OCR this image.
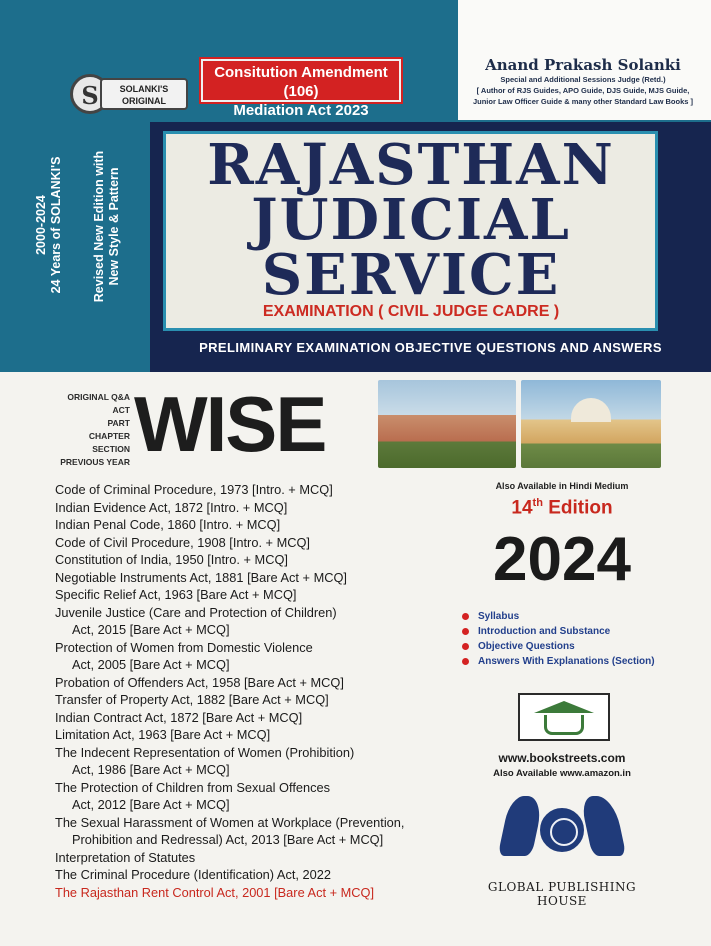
S	SOLANKI'S
ORIGINAL
Consitution Amendment (106)
Mediation Act 2023
Anand Prakash Solanki
Special and Additional Sessions Judge (Retd.)
[ Author of RJS Guides, APO Guide, DJS Guide, MJS Guide,
Junior Law Officer Guide & many other Standard Law Books ]
2000-2024 24 Years of SOLANKI'S Revised New Edition with New Style & Pattern
RAJASTHAN
JUDICIAL
SERVICE
EXAMINATION ( CIVIL JUDGE CADRE )
PRELIMINARY EXAMINATION OBJECTIVE QUESTIONS AND ANSWERS
ORIGINAL Q&A
ACT
PART
CHAPTER
SECTION
PREVIOUS YEAR WISE
Code of Criminal Procedure, 1973 [Intro. + MCQ]
Indian Evidence Act, 1872 [Intro. + MCQ]
Indian Penal Code, 1860 [Intro. + MCQ]
Code of Civil Procedure, 1908 [Intro. + MCQ]
Constitution of India, 1950 [Intro. + MCQ]
Negotiable Instruments Act, 1881 [Bare Act + MCQ]
Specific Relief Act, 1963 [Bare Act + MCQ]
Juvenile Justice (Care and Protection of Children)
Act, 2015 [Bare Act + MCQ]
Protection of Women from Domestic Violence
Act, 2005 [Bare Act + MCQ]
Probation of Offenders Act, 1958 [Bare Act + MCQ]
Transfer of Property Act, 1882 [Bare Act + MCQ]
Indian Contract Act, 1872 [Bare Act + MCQ]
Limitation Act, 1963 [Bare Act + MCQ]
The Indecent Representation of Women (Prohibition)
Act, 1986 [Bare Act + MCQ]
The Protection of Children from Sexual Offences
Act, 2012 [Bare Act + MCQ]
The Sexual Harassment of Women at Workplace (Prevention,
Prohibition and Redressal) Act, 2013 [Bare Act + MCQ]
Interpretation of Statutes
The Criminal Procedure (Identification) Act, 2022
The Rajasthan Rent Control Act, 2001 [Bare Act + MCQ]
Also Available in Hindi Medium
14th Edition
2024
Syllabus
Introduction and Substance
Objective Questions
Answers With Explanations (Section)
www.bookstreets.com
Also Available www.amazon.in
GLOBAL PUBLISHING HOUSE
